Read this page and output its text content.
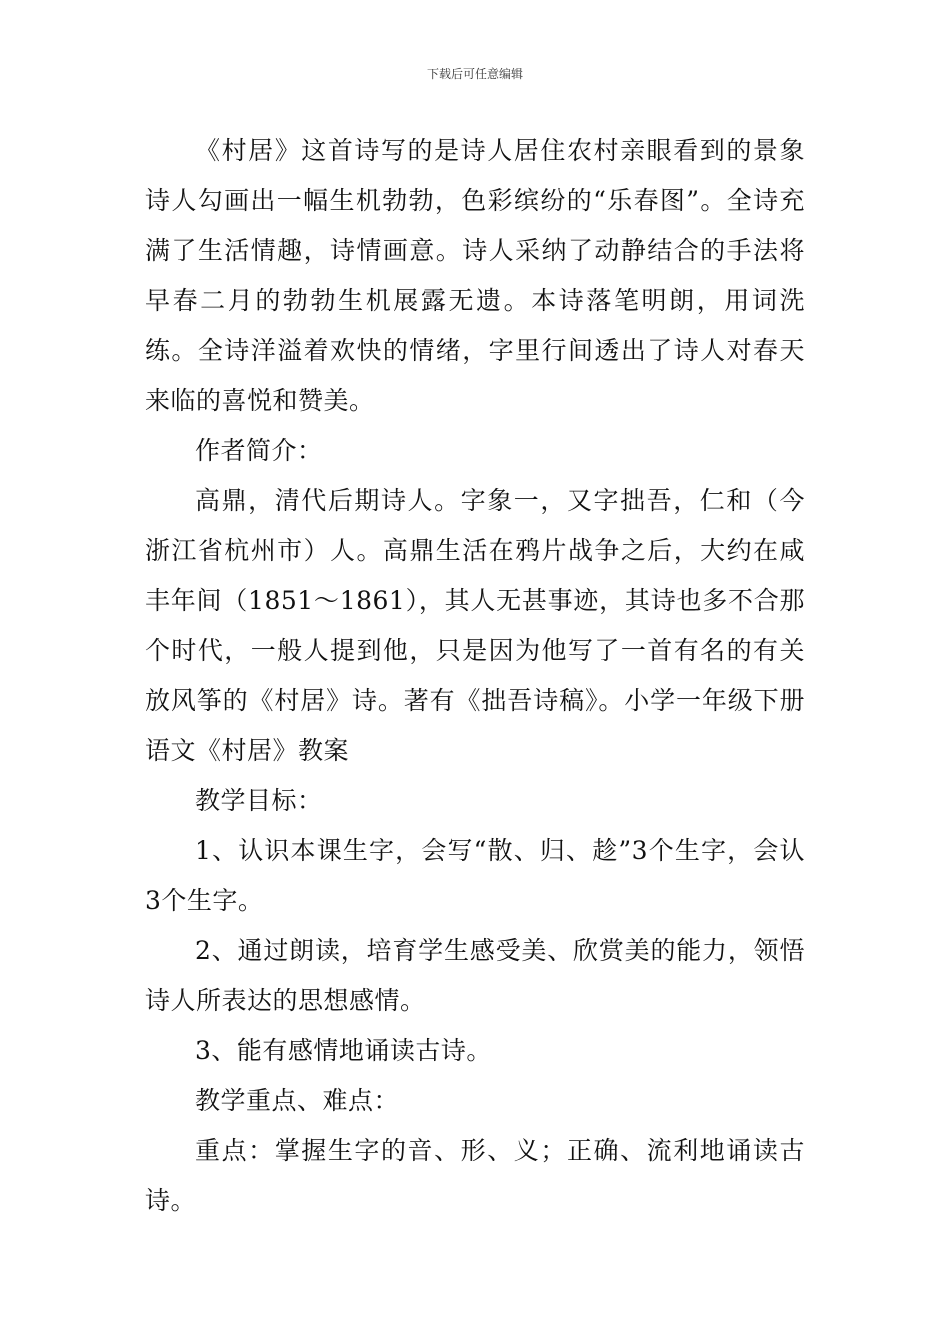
下载后可任意编辑

《村居》这首诗写的是诗人居住农村亲眼看到的景象诗人勾画出一幅生机勃勃，色彩缤纷的“乐春图”。全诗充满了生活情趣，诗情画意。诗人采纳了动静结合的手法将早春二月的勃勃生机展露无遗。本诗落笔明朗，用词洗练。全诗洋溢着欢快的情绪，字里行间透出了诗人对春天来临的喜悦和赞美。

作者简介：

高鼎，清代后期诗人。字象一，又字拙吾，仁和（今浙江省杭州市）人。高鼎生活在鸦片战争之后，大约在咸丰年间（1851～1861），其人无甚事迹，其诗也多不合那个时代，一般人提到他，只是因为他写了一首有名的有关放风筝的《村居》诗。著有《拙吾诗稿》。小学一年级下册语文《村居》教案

教学目标：

1、认识本课生字，会写“散、归、趁”3个生字，会认3个生字。

2、通过朗读，培育学生感受美、欣赏美的能力，领悟诗人所表达的思想感情。

3、能有感情地诵读古诗。

教学重点、难点：

重点：掌握生字的音、形、义；正确、流利地诵读古诗。
